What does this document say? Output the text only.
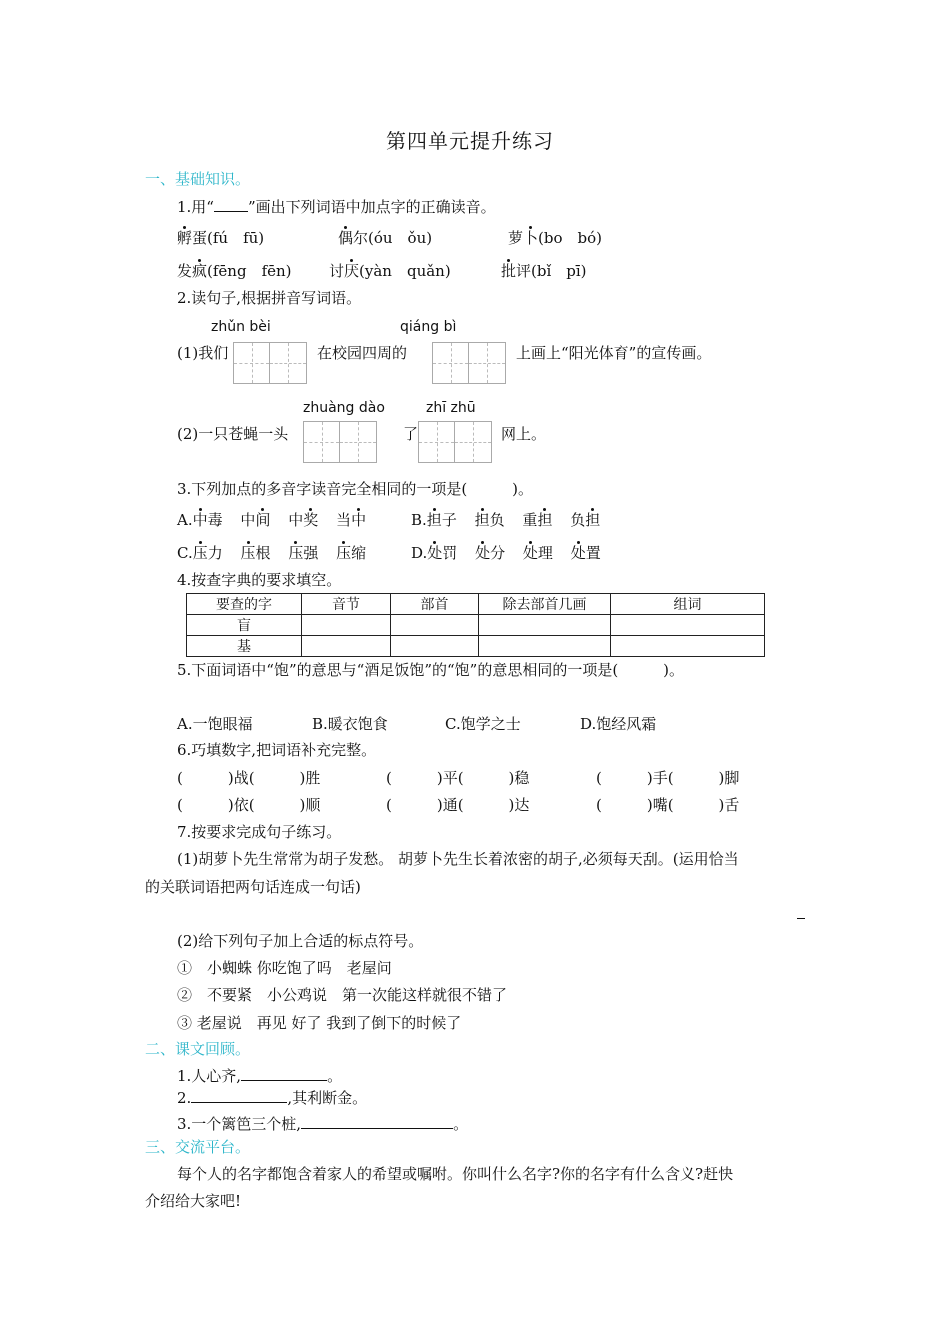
第四单元提升练习
一、基础知识。
1.用“ ”画出下列词语中加点字的正确读音。
孵蛋(fú　fū)	偶尔(óu　ǒu)	萝卜(bo　bó)
发疯(fēng　fēn) 讨厌(yàn　quǎn)	批评(bǐ　pī)
2.读句子,根据拼音写词语。
zhǔn bèi	qiáng bì
(1)我们	在校园四周的	上画上“阳光体育”的宣传画。
zhuàng dào	zhī zhū
(2)一只苍蝇一头	了	网上。
3.下列加点的多音字读音完全相同的一项是(　　　)。
A.中毒 中间 中奖 当中	B.担子 担负 重担 负担
C.压力 压根 压强 压缩	D.处罚 处分 处理 处置
4.按查字典的要求填空。
要查的字	音节	部首	除去部首几画	组词
盲				
基				
5.下面词语中“饱”的意思与“酒足饭饱”的“饱”的意思相同的一项是(　　　)。
A.一饱眼福	B.暖衣饱食	C.饱学之士	D.饱经风霜
6.巧填数字,把词语补充完整。
(　　　)战(　　　)胜	(　　　)平(　　　)稳	(　　　)手(　　　)脚
(　　　)依(　　　)顺	(　　　)通(　　　)达	(　　　)嘴(　　　)舌
7.按要求完成句子练习。
(1)胡萝卜先生常常为胡子发愁。 胡萝卜先生长着浓密的胡子,必须每天刮。(运用恰当
的关联词语把两句话连成一句话)
(2)给下列句子加上合适的标点符号。
①　小蜘蛛 你吃饱了吗　老屋问
②　不要紧　小公鸡说　第一次能这样就很不错了
③ 老屋说　再见 好了 我到了倒下的时候了
二、课文回顾。
1.人心齐,	。
2.	,其利断金。
3.一个篱笆三个桩,	。
三、交流平台。
每个人的名字都饱含着家人的希望或嘱咐。你叫什么名字?你的名字有什么含义?赶快
介绍给大家吧!
